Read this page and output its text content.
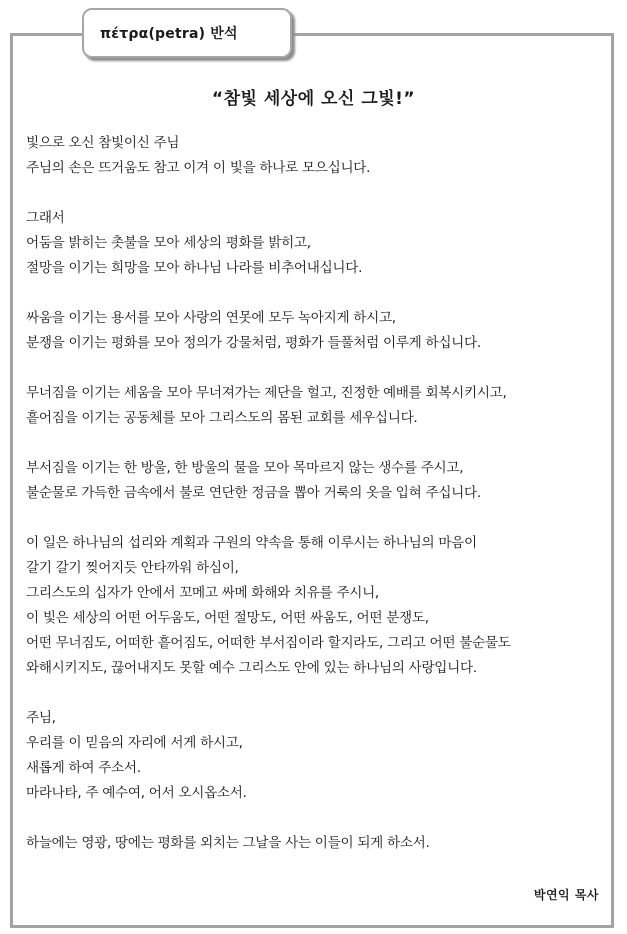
πέτρα(petra) 반석
“참빛 세상에 오신 그빛!”
빛으로 오신 참빛이신 주님
주님의 손은 뜨거움도 참고 이겨 이 빛을 하나로 모으십니다.
그래서
어둠을 밝히는 촛불을 모아 세상의 평화를 밝히고,
절망을 이기는 희망을 모아 하나님 나라를 비추어내십니다.
싸움을 이기는 용서를 모아 사랑의 연못에 모두 녹아지게 하시고,
분쟁을 이기는 평화를 모아 정의가 강물처럼, 평화가 들풀처럼 이루게 하십니다.
무너짐을 이기는 세움을 모아 무너져가는 제단을 헐고, 진정한 예배를 회복시키시고,
흩어짐을 이기는 공동체를 모아 그리스도의 몸된 교회를 세우십니다.
부서짐을 이기는 한 방울, 한 방울의 물을 모아 목마르지 않는 생수를 주시고,
불순물로 가득한 금속에서 불로 연단한 정금을 뽑아 거룩의 옷을 입혀 주십니다.
이 일은 하나님의 섭리와 계획과 구원의 약속을 통해 이루시는 하나님의 마음이
갈기 갈기 찢어지듯 안타까워 하심이,
그리스도의 십자가 안에서 꼬메고 싸메 화해와 치유를 주시니,
이 빛은 세상의 어떤 어두움도, 어떤 절망도, 어떤 싸움도, 어떤 분쟁도,
어떤 무너짐도, 어떠한 흩어짐도, 어떠한 부서짐이라 할지라도, 그리고 어떤 불순물도
와해시키지도, 끊어내지도 못할 예수 그리스도 안에 있는 하나님의 사랑입니다.
주님,
우리를 이 믿음의 자리에 서게 하시고,
새롭게 하여 주소서.
마라나타, 주 예수여, 어서 오시옵소서.
하늘에는 영광, 땅에는 평화를 외치는 그날을 사는 이들이 되게 하소서.
박연익 목사
